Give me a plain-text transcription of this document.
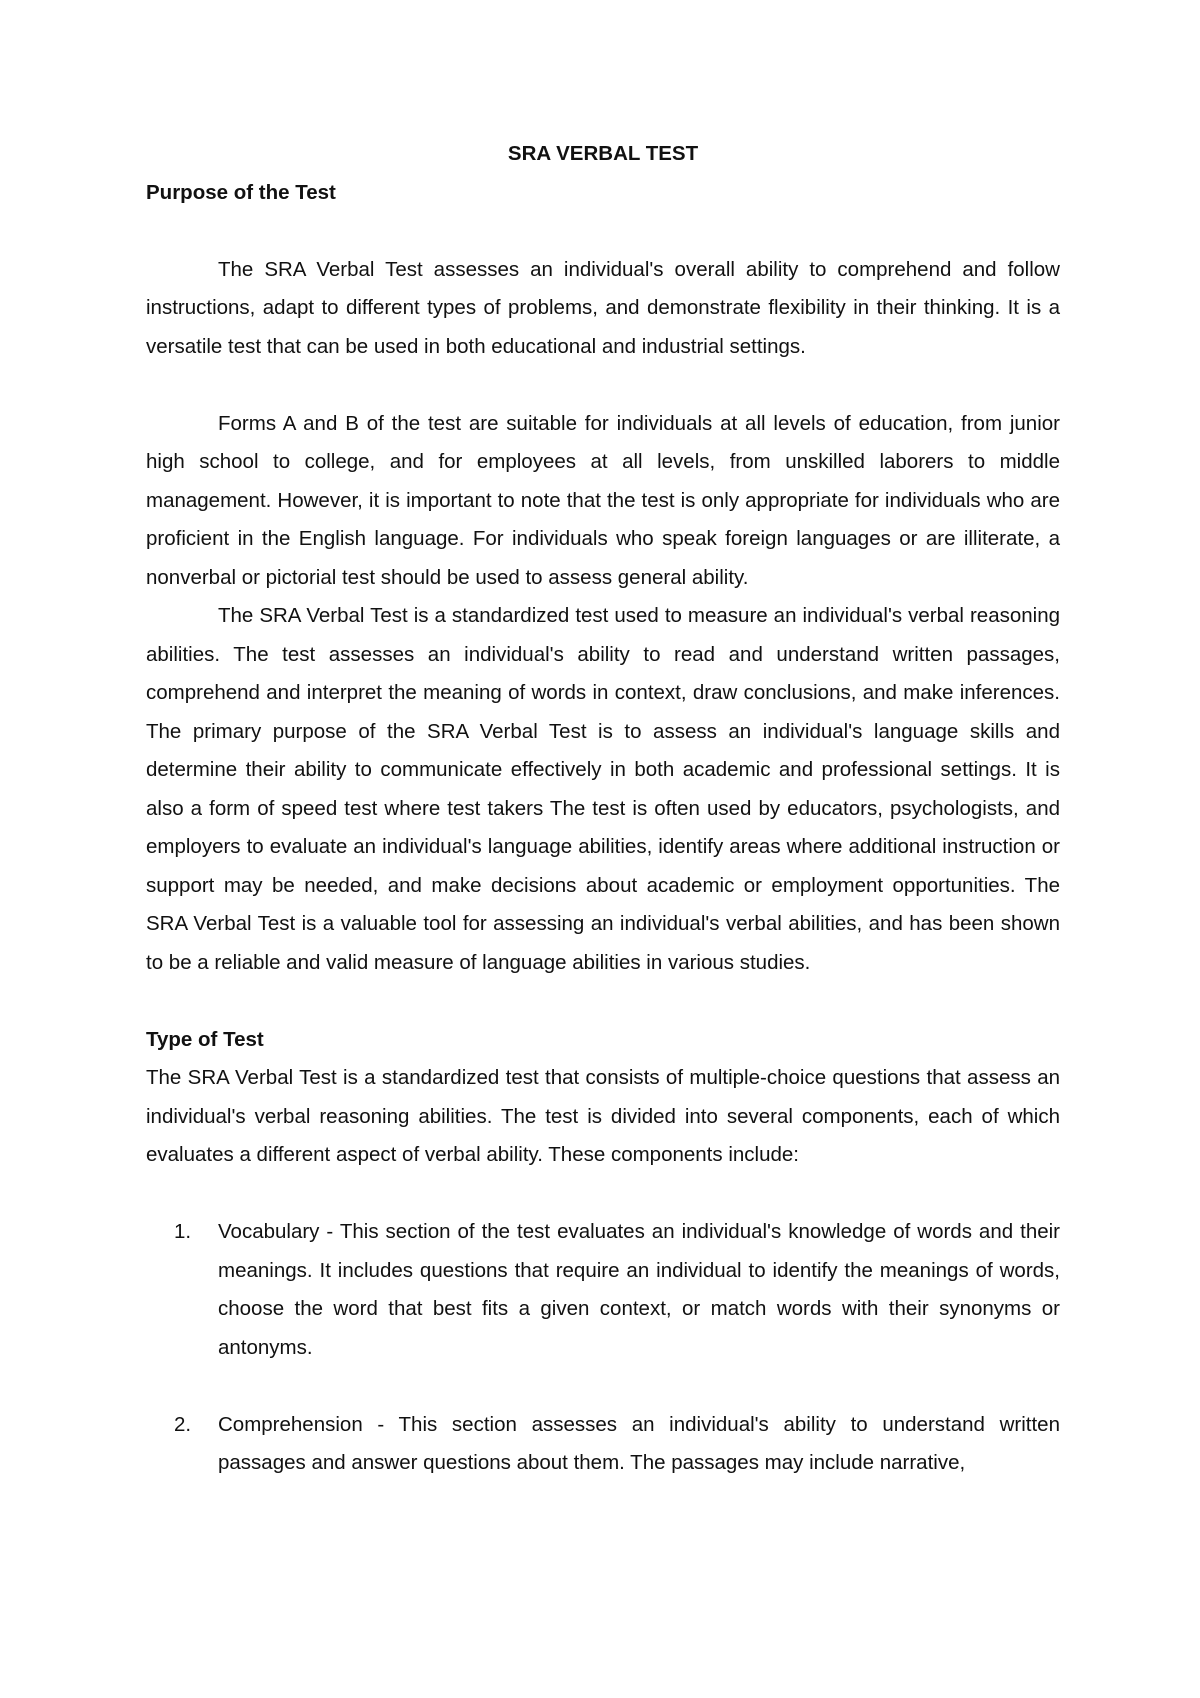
SRA VERBAL TEST
Purpose of the Test

The SRA Verbal Test assesses an individual's overall ability to comprehend and follow instructions, adapt to different types of problems, and demonstrate flexibility in their thinking. It is a versatile test that can be used in both educational and industrial settings.

Forms A and B of the test are suitable for individuals at all levels of education, from junior high school to college, and for employees at all levels, from unskilled laborers to middle management. However, it is important to note that the test is only appropriate for individuals who are proficient in the English language. For individuals who speak foreign languages or are illiterate, a nonverbal or pictorial test should be used to assess general ability.

The SRA Verbal Test is a standardized test used to measure an individual's verbal reasoning abilities. The test assesses an individual's ability to read and understand written passages, comprehend and interpret the meaning of words in context, draw conclusions, and make inferences. The primary purpose of the SRA Verbal Test is to assess an individual's language skills and determine their ability to communicate effectively in both academic and professional settings. It is also a form of speed test where test takers The test is often used by educators, psychologists, and employers to evaluate an individual's language abilities, identify areas where additional instruction or support may be needed, and make decisions about academic or employment opportunities. The SRA Verbal Test is a valuable tool for assessing an individual's verbal abilities, and has been shown to be a reliable and valid measure of language abilities in various studies.

Type of Test

The SRA Verbal Test is a standardized test that consists of multiple-choice questions that assess an individual's verbal reasoning abilities. The test is divided into several components, each of which evaluates a different aspect of verbal ability. These components include:

1. Vocabulary - This section of the test evaluates an individual's knowledge of words and their meanings. It includes questions that require an individual to identify the meanings of words, choose the word that best fits a given context, or match words with their synonyms or antonyms.
2. Comprehension - This section assesses an individual's ability to understand written passages and answer questions about them. The passages may include narrative,
